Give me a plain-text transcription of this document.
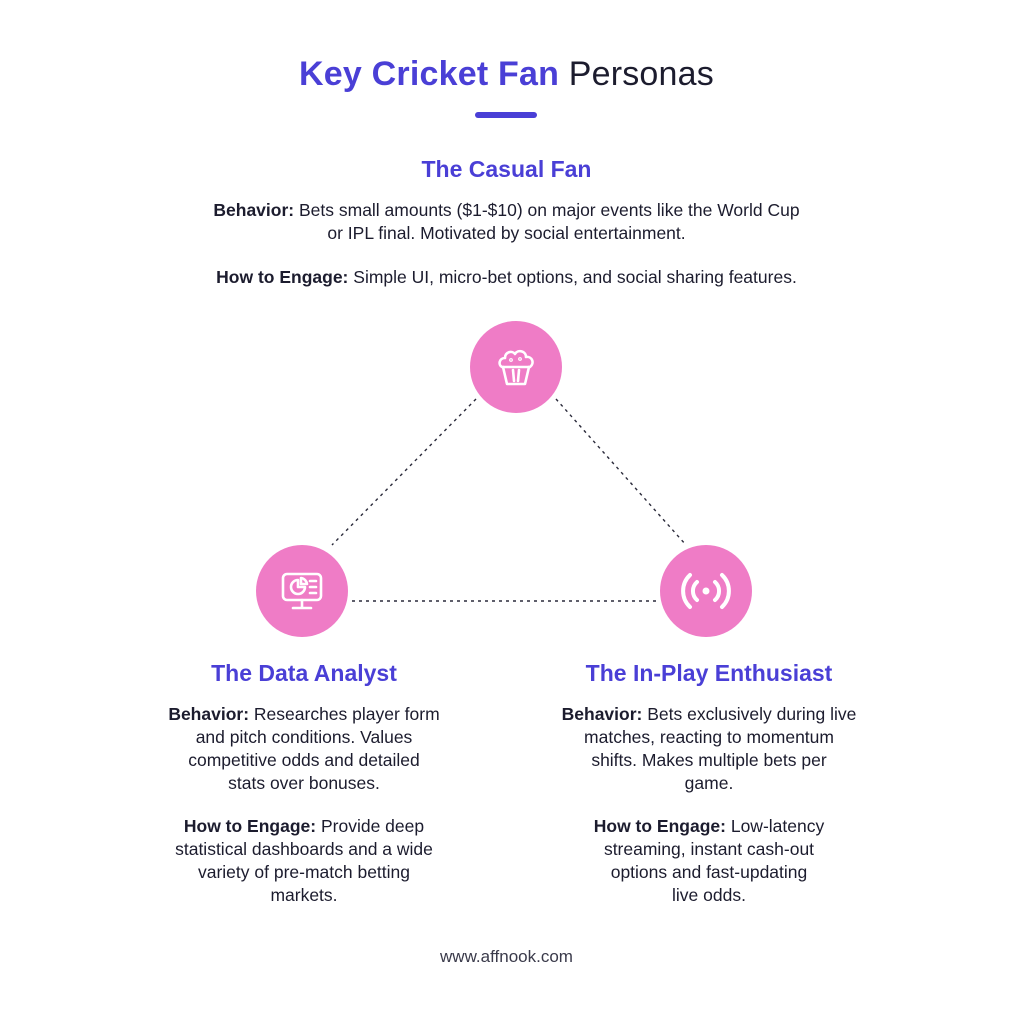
Key Cricket Fan Personas
The Casual Fan
Behavior: Bets small amounts ($1-$10) on major events like the World Cup
or IPL final. Motivated by social entertainment.
How to Engage: Simple UI, micro-bet options, and social sharing features.
The Data Analyst
Behavior: Researches player form
and pitch conditions. Values
competitive odds and detailed
stats over bonuses.
How to Engage: Provide deep
statistical dashboards and a wide
variety of pre-match betting
markets.
The In-Play Enthusiast
Behavior: Bets exclusively during live
matches, reacting to momentum
shifts. Makes multiple bets per
game.
How to Engage: Low-latency
streaming, instant cash-out
options and fast-updating
live odds.
www.affnook.com
